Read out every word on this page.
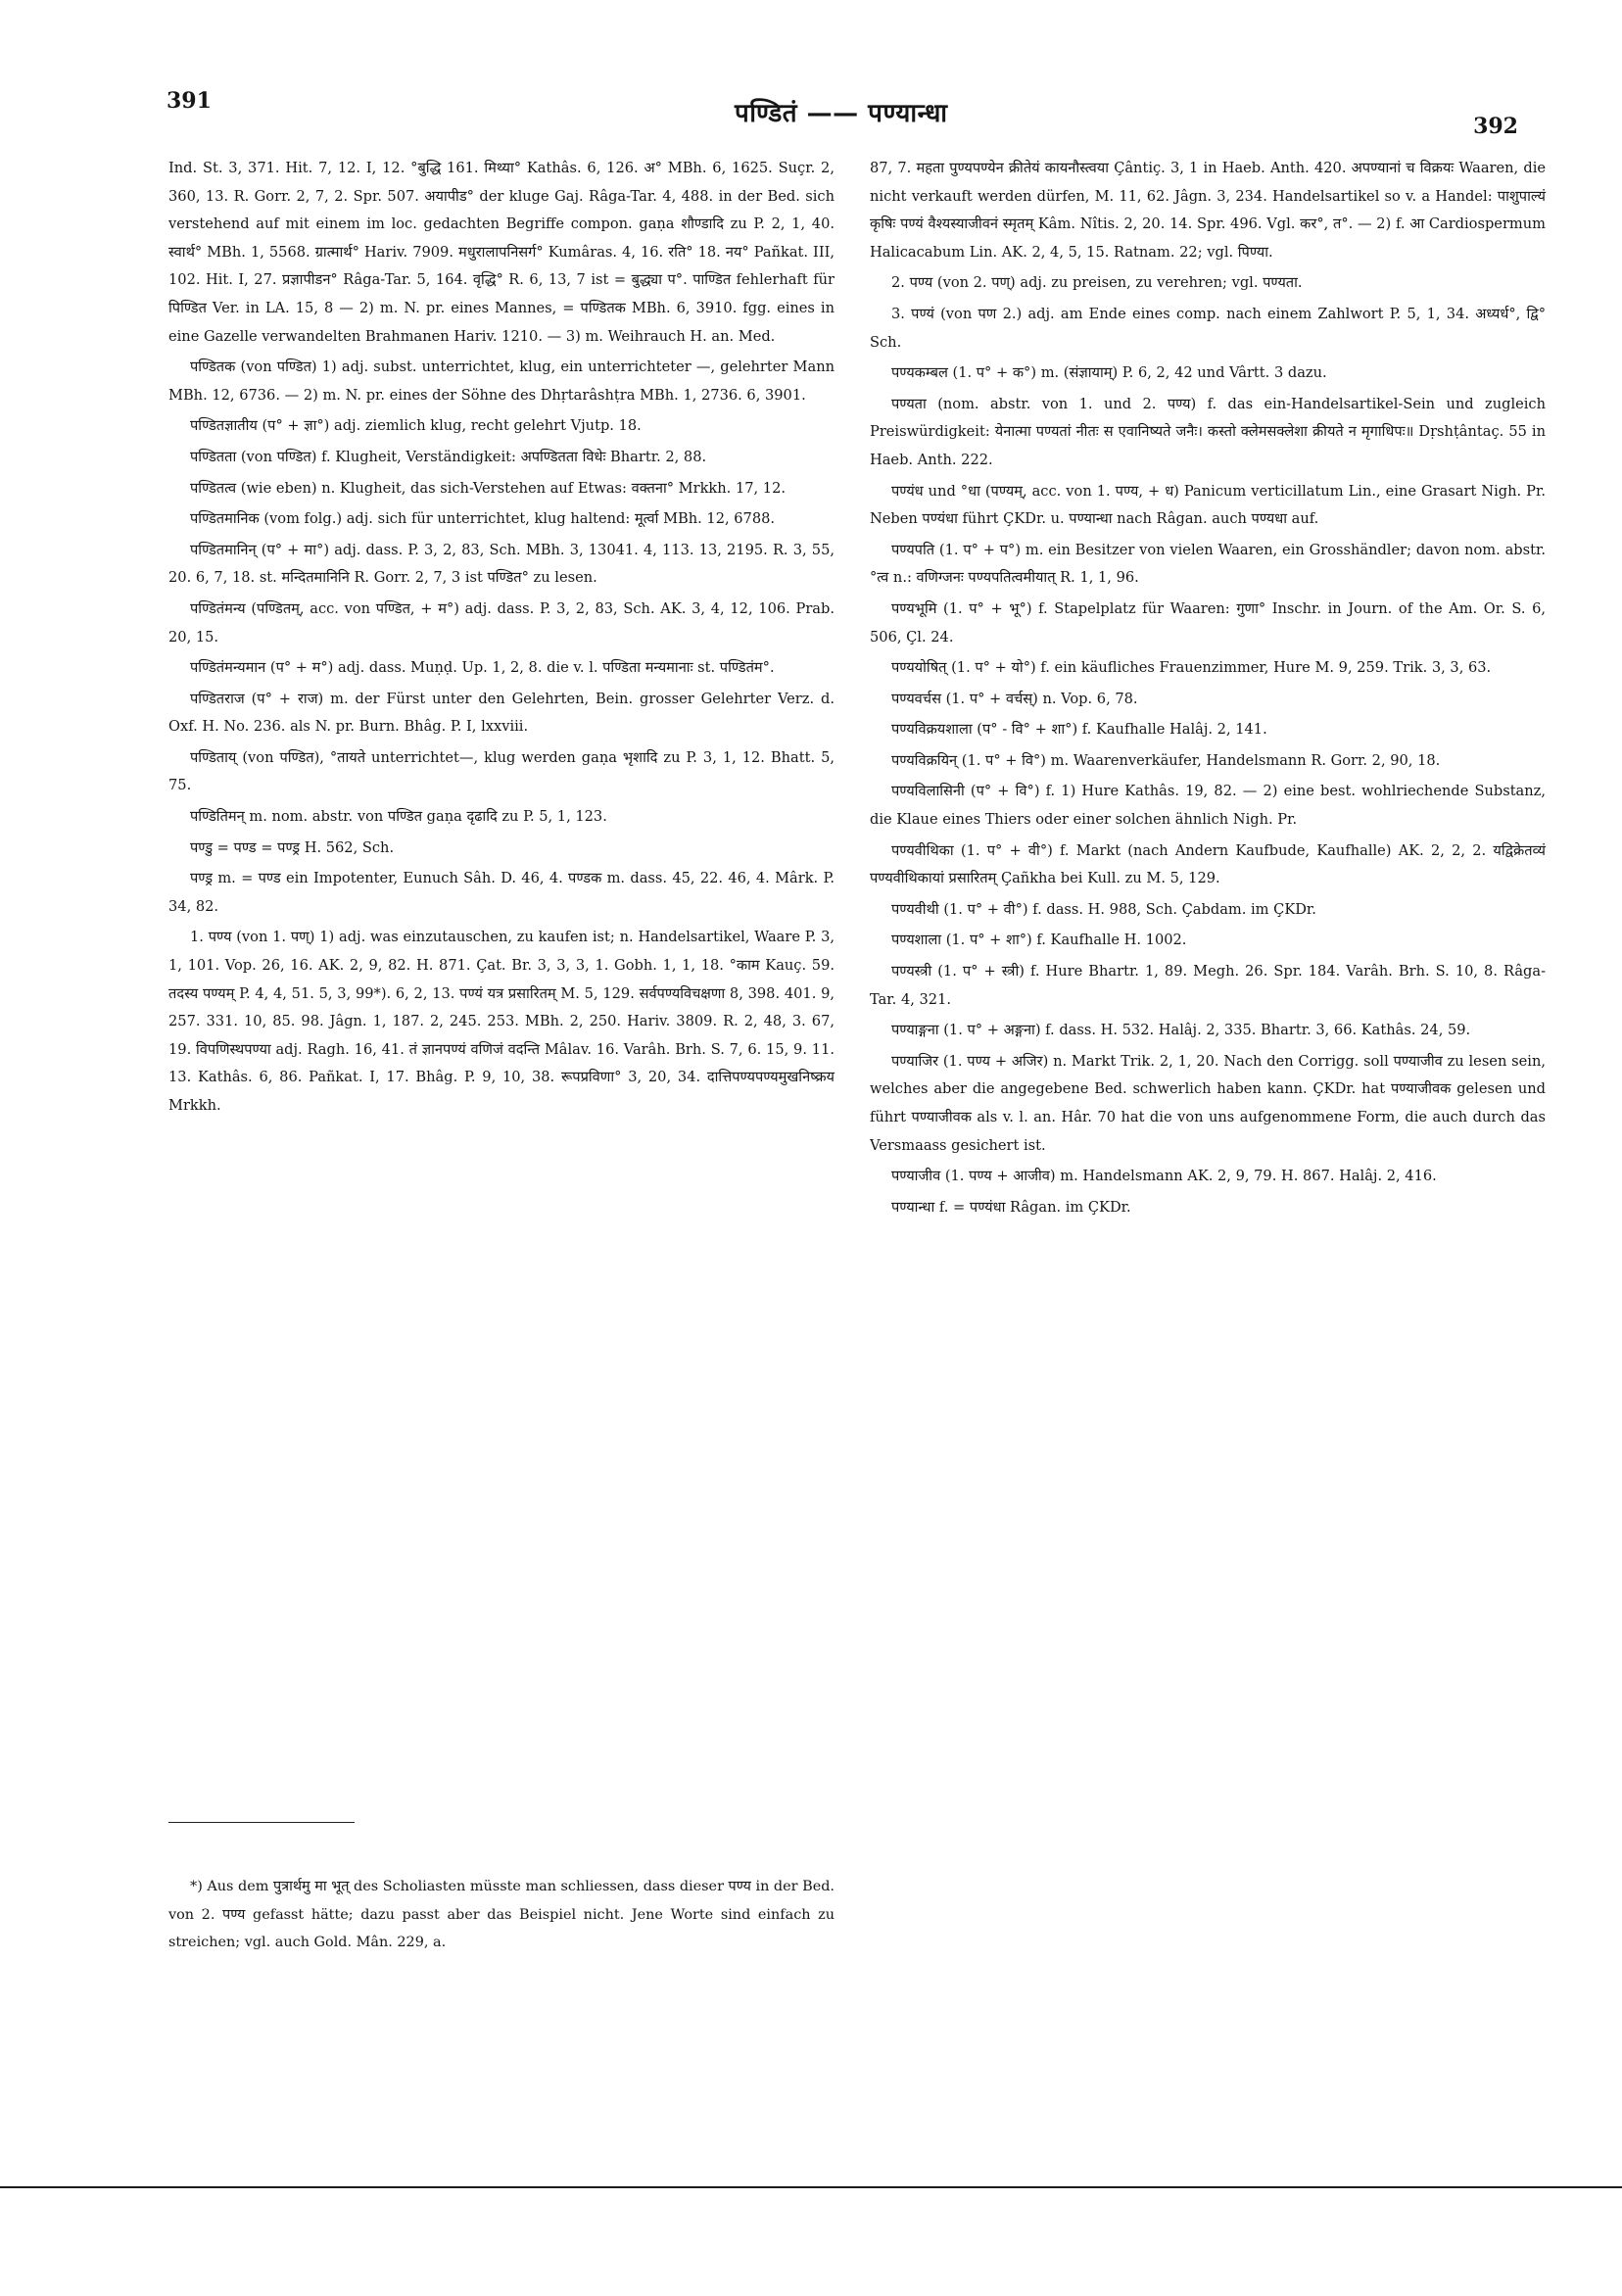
391	पण्डितं —— पण्यान्धा	392

Ind. St. 3, 371. Hit. 7, 12. I, 12. °बुद्धि 161. मिथ्या° Kathâs. 6, 126. अ° MBh. 6, 1625. Suçr. 2, 360, 13. R. Gorr. 2, 7, 2. Spr. 507. अयापीड° der kluge Gaj. Râga-Tar. 4, 488. in der Bed. sich verstehend auf mit einem im loc. gedachten Begriffe compon. gaṇa शौण्डादि zu P. 2, 1, 40. स्वार्थ° MBh. 1, 5568. ग्रात्मार्थ° Hariv. 7909. मधुरालापनिसर्ग° Kumâras. 4, 16. रति° 18. नय° Pañkat. III, 102. Hit. I, 27. प्रज्ञापीडन° Râga-Tar. 5, 164. वृद्धि° R. 6, 13, 7 ist = बुद्ध्या प°. पाण्डित fehlerhaft für पिण्डित Ver. in LA. 15, 8 — 2) m. N. pr. eines Mannes, = पण्डितक MBh. 6, 3910. fgg. eines in eine Gazelle verwandelten Brahmanen Hariv. 1210. — 3) m. Weihrauch H. an. Med.

पण्डितक (von पण्डित) 1) adj. subst. unterrichtet, klug, ein unterrichteter —, gelehrter Mann MBh. 12, 6736. — 2) m. N. pr. eines der Söhne des Dhṛtarâshṭra MBh. 1, 2736. 6, 3901.

पण्डितज्ञातीय (प° + ज्ञा°) adj. ziemlich klug, recht gelehrt Vjutp. 18.

पण्डितता (von पण्डित) f. Klugheit, Verständigkeit: अपण्डितता विधेः Bhartr. 2, 88.

पण्डितत्व (wie eben) n. Klugheit, das sich-Verstehen auf Etwas: वक्तना° Mrkkh. 17, 12.

पण्डितमानिक (vom folg.) adj. sich für unterrichtet, klug haltend: मूर्त्वा MBh. 12, 6788.

पण्डितमानिन् (प° + मा°) adj. dass. P. 3, 2, 83, Sch. MBh. 3, 13041. 4, 113. 13, 2195. R. 3, 55, 20. 6, 7, 18. st. मन्दितमानिनि R. Gorr. 2, 7, 3 ist पण्डित° zu lesen.

पण्डितंमन्य (पण्डितम्, acc. von पण्डित, + म°) adj. dass. P. 3, 2, 83, Sch. AK. 3, 4, 12, 106. Prab. 20, 15.

पण्डितंमन्यमान (प° + म°) adj. dass. Muṇḍ. Up. 1, 2, 8. die v. l. पण्डिता मन्यमानाः st. पण्डितंम°.

पण्डितराज (प° + राज) m. der Fürst unter den Gelehrten, Bein. grosser Gelehrter Verz. d. Oxf. H. No. 236. als N. pr. Burn. Bhâg. P. I, lxxviii.

पण्डिताय् (von पण्डित), °तायते unterrichtet—, klug werden gaṇa भृशादि zu P. 3, 1, 12. Bhatt. 5, 75.

पण्डितिमन् m. nom. abstr. von पण्डित gaṇa दृढादि zu P. 5, 1, 123.

पण्डु = पण्ड = पण्ड्र H. 562, Sch.

पण्ड्र m. = पण्ड ein Impotenter, Eunuch Sâh. D. 46, 4. पण्डक m. dass. 45, 22. 46, 4. Mârk. P. 34, 82.

1. पण्य (von 1. पण्) 1) adj. was einzutauschen, zu kaufen ist; n. Handelsartikel, Waare P. 3, 1, 101. Vop. 26, 16. AK. 2, 9, 82. H. 871. Çat. Br. 3, 3, 3, 1. Gobh. 1, 1, 18. °काम Kauç. 59. तदस्य पण्यम् P. 4, 4, 51. 5, 3, 99*). 6, 2, 13. पण्यं यत्र प्रसारितम् M. 5, 129. सर्वपण्यविचक्षणा 8, 398. 401. 9, 257. 331. 10, 85. 98. Jâgn. 1, 187. 2, 245. 253. MBh. 2, 250. Hariv. 3809. R. 2, 48, 3. 67, 19. विपणिस्थपण्या adj. Ragh. 16, 41. तं ज्ञानपण्यं वणिजं वदन्ति Mâlav. 16. Varâh. Brh. S. 7, 6. 15, 9. 11. 13. Kathâs. 6, 86. Pañkat. I, 17. Bhâg. P. 9, 10, 38. रूपप्रविणा° 3, 20, 34. दात्तिपण्यपण्यमुखनिष्क्रय Mrkkh.

87, 7. महता पुण्यपण्येन क्रीतेयं कायनौस्त्वया Çântiç. 3, 1 in Haeb. Anth. 420. अपण्यानां च विक्रयः Waaren, die nicht verkauft werden dürfen, M. 11, 62. Jâgn. 3, 234. Handelsartikel so v. a Handel: पाशुपाल्यं कृषिः पण्यं वैश्यस्याजीवनं स्मृतम् Kâm. Nîtis. 2, 20. 14. Spr. 496. Vgl. कर°, त°. — 2) f. आ Cardiospermum Halicacabum Lin. AK. 2, 4, 5, 15. Ratnam. 22; vgl. पिण्या.

2. पण्य (von 2. पण्) adj. zu preisen, zu verehren; vgl. पण्यता.

3. पण्यं (von पण 2.) adj. am Ende eines comp. nach einem Zahlwort P. 5, 1, 34. अध्यर्ध°, द्वि° Sch.

पण्यकम्बल (1. प° + क°) m. (संज्ञायाम्) P. 6, 2, 42 und Vârtt. 3 dazu.

पण्यता (nom. abstr. von 1. und 2. पण्य) f. das ein-Handelsartikel-Sein und zugleich Preiswürdigkeit: येनात्मा पण्यतां नीतः स एवानिष्यते जनैः। कस्तो क्लेमसक्लेशा क्रीयते न मृगाधिपः॥ Dṛshṭântaç. 55 in Haeb. Anth. 222.

पण्यंध und °धा (पण्यम्, acc. von 1. पण्य, + ध) Panicum verticillatum Lin., eine Grasart Nigh. Pr. Neben पण्यंधा führt ÇKDr. u. पण्यान्धा nach Râgan. auch पण्यधा auf.

पण्यपति (1. प° + प°) m. ein Besitzer von vielen Waaren, ein Grosshändler; davon nom. abstr. °त्व n.: वणिग्जनः पण्यपतित्वमीयात् R. 1, 1, 96.

पण्यभूमि (1. प° + भू°) f. Stapelplatz für Waaren: गुणा° Inschr. in Journ. of the Am. Or. S. 6, 506, Çl. 24.

पण्ययोषित् (1. प° + यो°) f. ein käufliches Frauenzimmer, Hure M. 9, 259. Trik. 3, 3, 63.

पण्यवर्चस (1. प° + वर्चस्) n. Vop. 6, 78.

पण्यविक्रयशाला (प° - वि° + शा°) f. Kaufhalle Halâj. 2, 141.

पण्यविक्रयिन् (1. प° + वि°) m. Waarenverkäufer, Handelsmann R. Gorr. 2, 90, 18.

पण्यविलासिनी (प° + वि°) f. 1) Hure Kathâs. 19, 82. — 2) eine best. wohlriechende Substanz, die Klaue eines Thiers oder einer solchen ähnlich Nigh. Pr.

पण्यवीथिका (1. प° + वी°) f. Markt (nach Andern Kaufbude, Kaufhalle) AK. 2, 2, 2. यद्विक्रेतव्यं पण्यवीथिकायां प्रसारितम् Çañkha bei Kull. zu M. 5, 129.

पण्यवीथी (1. प° + वी°) f. dass. H. 988, Sch. Çabdam. im ÇKDr.

पण्यशाला (1. प° + शा°) f. Kaufhalle H. 1002.

पण्यस्त्री (1. प° + स्त्री) f. Hure Bhartr. 1, 89. Megh. 26. Spr. 184. Varâh. Brh. S. 10, 8. Râga-Tar. 4, 321.

पण्याङ्गना (1. प° + अङ्गना) f. dass. H. 532. Halâj. 2, 335. Bhartr. 3, 66. Kathâs. 24, 59.

पण्याजिर (1. पण्य + अजिर) n. Markt Trik. 2, 1, 20. Nach den Corrigg. soll पण्याजीव zu lesen sein, welches aber die angegebene Bed. schwerlich haben kann. ÇKDr. hat पण्याजीवक gelesen und führt पण्याजीवक als v. l. an. Hâr. 70 hat die von uns aufgenommene Form, die auch durch das Versmaass gesichert ist.

पण्याजीव (1. पण्य + आजीव) m. Handelsmann AK. 2, 9, 79. H. 867. Halâj. 2, 416.

पण्यान्धा f. = पण्यंधा Râgan. im ÇKDr.

*) Aus dem पुत्रार्थमु मा भूत् des Scholiasten müsste man schliessen, dass dieser पण्य in der Bed. von 2. पण्य gefasst hätte; dazu passt aber das Beispiel nicht. Jene Worte sind einfach zu streichen; vgl. auch Gold. Mân. 229, a.
